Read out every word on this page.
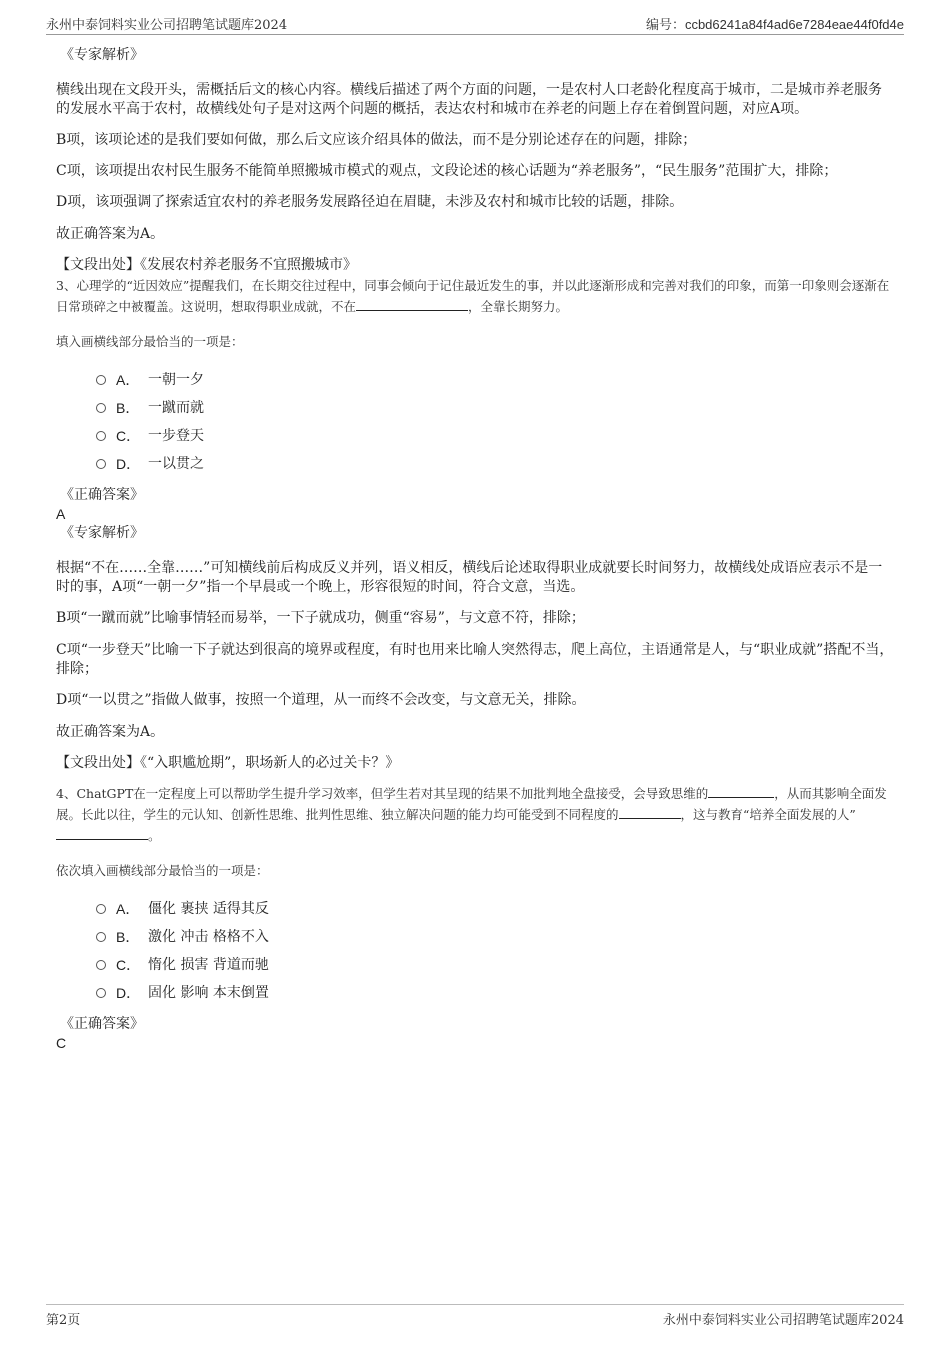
永州中泰饲料实业公司招聘笔试题库2024	编号：ccbd6241a84f4ad6e7284eae44f0fd4e

《专家解析》

横线出现在文段开头，需概括后文的核心内容。横线后描述了两个方面的问题，一是农村人口老龄化程度高于城市，二是城市养老服务的发展水平高于农村，故横线处句子是对这两个问题的概括，表达农村和城市在养老的问题上存在着倒置问题，对应A项。

B项，该项论述的是我们要如何做，那么后文应该介绍具体的做法，而不是分别论述存在的问题，排除；

C项，该项提出农村民生服务不能简单照搬城市模式的观点，文段论述的核心话题为“养老服务”，“民生服务”范围扩大，排除；

D项，该项强调了探索适宜农村的养老服务发展路径迫在眉睫，未涉及农村和城市比较的话题，排除。

故正确答案为A。

【文段出处】《发展农村养老服务不宜照搬城市》

3、心理学的“近因效应”提醒我们，在长期交往过程中，同事会倾向于记住最近发生的事，并以此逐渐形成和完善对我们的印象，而第一印象则会逐渐在日常琐碎之中被覆盖。这说明，想取得职业成就，不在	，全靠长期努力。

填入画横线部分最恰当的一项是：

A． 一朝一夕
B． 一蹴而就
C． 一步登天
D． 一以贯之

《正确答案》

A

《专家解析》

根据“不在……全靠……”可知横线前后构成反义并列，语义相反，横线后论述取得职业成就要长时间努力，故横线处成语应表示不是一时的事，A项“一朝一夕”指一个早晨或一个晚上，形容很短的时间，符合文意，当选。

B项“一蹴而就”比喻事情轻而易举，一下子就成功，侧重“容易”，与文意不符，排除；

C项“一步登天”比喻一下子就达到很高的境界或程度，有时也用来比喻人突然得志，爬上高位，主语通常是人，与“职业成就”搭配不当，排除；

D项“一以贯之”指做人做事，按照一个道理，从一而终不会改变，与文意无关，排除。

故正确答案为A。

【文段出处】《“入职尴尬期”，职场新人的必过关卡？》

4、ChatGPT在一定程度上可以帮助学生提升学习效率，但学生若对其呈现的结果不加批判地全盘接受，会导致思维的	，从而其影响全面发展。长此以往，学生的元认知、创新性思维、批判性思维、独立解决问题的能力均可能受到不同程度的	，这与教育“培养全面发展的人”。

依次填入画横线部分最恰当的一项是：

A． 僵化 裹挟 适得其反
B． 激化 冲击 格格不入
C． 惰化 损害 背道而驰
D． 固化 影响 本末倒置

《正确答案》

C

第2页	永州中泰饲料实业公司招聘笔试题库2024
